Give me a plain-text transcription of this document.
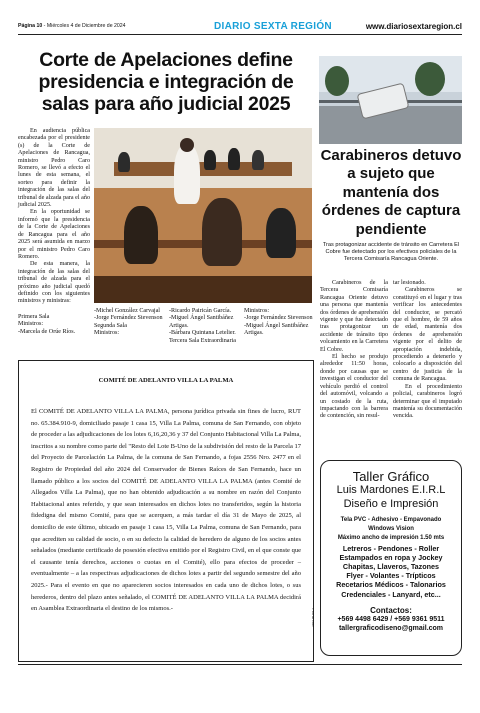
Página 10 - Miércoles 4 de Diciembre de 2024	DIARIO SEXTA REGIÓN	www.diariosextaregion.cl
Corte de Apelaciones define presidencia e integración de salas para año judicial 2025

En audiencia pública encabezada por el presidente (s) de la Corte de Apelaciones de Rancagua, ministro Pedro Caro Romero, se llevó a efecto el lunes de esta semana, el sorteo para definir la integración de las salas del tribunal de alzada para el año judicial 2025.

En la oportunidad se informó que la presidencia de la Corte de Apelaciones de Rancagua para el año 2025 será asumida en marzo por el ministro Pedro Caro Romero.

De esta manera, la integración de las salas del tribunal de alzada para el próximo año judicial quedó definido con los siguientes ministros y ministras:

Primera Sala

Ministros:

-Marcela de Orúe Ríos.

-Michel González Carvajal

-Jorge Fernández Stevenson

Segunda Sala

Ministros:

-Ricardo Pairicán García.

-Miguel Ángel Santibáñez Artigas.

-Bárbara Quintana Letelier.

Tercera Sala Extraordinaria

Ministros:

-Jorge Fernández Stevenson

-Miguel Ángel Santibáñez Artigas.

COMITÉ DE ADELANTO VILLA LA PALMA
El COMITÉ DE ADELANTO VILLA LA PALMA, persona jurídica privada sin fines de lucro, RUT no. 65.384.910-9, domiciliado pasaje 1 casa 15, Villa La Palma, comuna de San Fernando, con objeto de proceder a las adjudicaciones de los lotes 6,16,20,36 y 37 del Conjunto Habitacional Villa La Palma, inscritos a su nombre como parte del "Resto del Lote B-Uno de la subdivisión del resto de la Parcela 17 del Proyecto de Parcelación La Palma, de la comuna de San Fernando, a fojas 2556 Nro. 2477 en el Registro de Propiedad del año 2024 del Conservador de Bienes Raíces de San Fernando, hace un llamado público a los socios del COMITÉ DE ADELANTO VILLA LA PALMA (antes Comité de Allegados Villa La Palma), que no han obtenido adjudicación a su nombre en razón del Conjunto Habitacional antes referido, y que sean interesados en dichos lotes no transferidos, según la historia fidedigna del mismo Comité, para que se acerquen, a más tardar el día 31 de Mayo de 2025, al domicilio de este último, ubicado en pasaje 1 casa 15, Villa La Palma, comuna de San Fernando, para que acrediten su calidad de socio, o en su defecto la calidad de heredero de alguno de los socios antes señalados (mediante certificado de posesión efectiva emitido por el Registro Civil, en el que conste que el causante tenía derechos, acciones o cuotas en el Comité), ello para efectos de proceder – eventualmente – a las respectivas adjudicaciones de dichos lotes a partir del segundo semestre del año 2025.- Para el evento en que no aparecieren socios interesados en cada uno de dichos lotes, o sus herederos, dentro del plazo antes señalado, el COMITÉ DE ADELANTO VILLA LA PALMA decidirá en Asamblea Extraordinaria el destino de los mismos.-	2024-00-DS-1
Carabineros detuvo a sujeto que mantenía dos órdenes de captura pendiente
Tras protagonizar accidente de tránsito en Carretera El Cobre fue detectado por los efectivos policiales de la Tercera Comisaría Rancagua Oriente.

Carabineros de la Tercera Comisaría Rancagua Oriente detuvo una persona que mantenía dos órdenes de aprehensión vigente y que fue detectado tras protagonizar un accidente de tránsito tipo volcamiento en la Carretera El Cobre.

El hecho se produjo alrededor 11:50 horas, donde por causas que se investigan el conductor del vehículo perdió el control del automóvil, volcando a un costado de la ruta, impactando con la barrera de contención, sin resul-

tar lesionado.

Carabineros se constituyó en el lugar y tras verificar los antecedentes del conductor, se percató que el hombre, de 59 años de edad, mantenía dos órdenes de aprehensión vigente por el delito de apropiación indebida, procediendo a detenerlo y colocarlo a disposición del centro de justicia de la comuna de Rancagua.

En el procedimiento policial, carabineros logró determinar que el imputado mantenía su documentación vencida.

Taller Gráfico
Luis Mardones E.I.R.L
Diseño e Impresión
Tela PVC - Adhesivo - Empavonado
Windows Vision
Máximo ancho de impresión 1.50 mts
Letreros - Pendones - Roller
Estampados en ropa y Jockey
Chapitas, Llaveros, Tazones
Flyer - Volantes - Trípticos
Recetarios Médicos - Talonarios
Credenciales - Lanyard, etc...
Contactos:
+569 4498 6429 / +569 9361 9511
tallergraficodiseno@gmail.com
